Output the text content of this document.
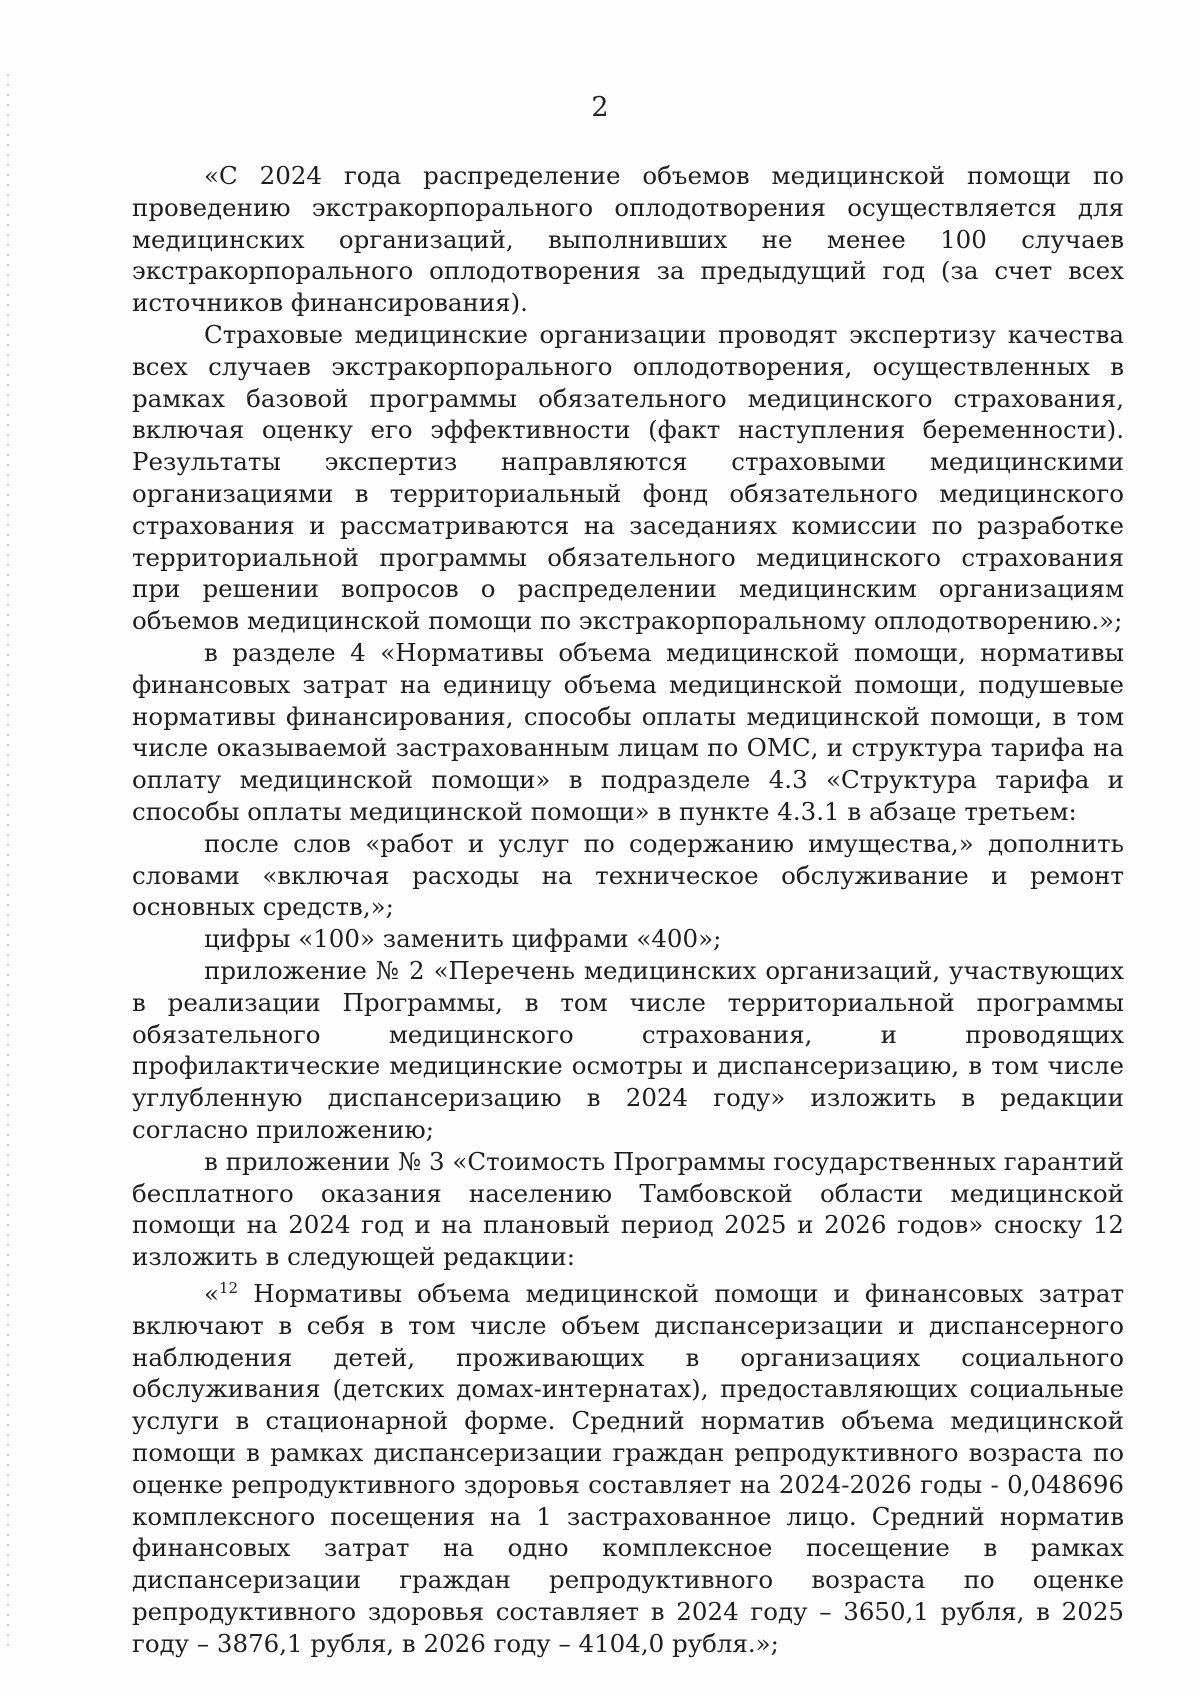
2

«С 2024 года распределение объемов медицинской помощи по проведению экстракорпорального оплодотворения осуществляется для медицинских организаций, выполнивших не менее 100 случаев экстракорпорального оплодотворения за предыдущий год (за счет всех источников финансирования).

Страховые медицинские организации проводят экспертизу качества всех случаев экстракорпорального оплодотворения, осуществленных в рамках базовой программы обязательного медицинского страхования, включая оценку его эффективности (факт наступления беременности). Результаты экспертиз направляются страховыми медицинскими организациями в территориальный фонд обязательного медицинского страхования и рассматриваются на заседаниях комиссии по разработке территориальной программы обязательного медицинского страхования при решении вопросов о распределении медицинским организациям объемов медицинской помощи по экстракорпоральному оплодотворению.»;

в разделе 4 «Нормативы объема медицинской помощи, нормативы финансовых затрат на единицу объема медицинской помощи, подушевые нормативы финансирования, способы оплаты медицинской помощи, в том числе оказываемой застрахованным лицам по ОМС, и структура тарифа на оплату медицинской помощи» в подразделе 4.3 «Структура тарифа и способы оплаты медицинской помощи» в пункте 4.3.1 в абзаце третьем:

после слов «работ и услуг по содержанию имущества,» дополнить словами «включая расходы на техническое обслуживание и ремонт основных средств,»;

цифры «100» заменить цифрами «400»;

приложение № 2 «Перечень медицинских организаций, участвующих в реализации Программы, в том числе территориальной программы обязательного медицинского страхования, и проводящих профилактические медицинские осмотры и диспансеризацию, в том числе углубленную диспансеризацию в 2024 году» изложить в редакции согласно приложению;

в приложении № 3 «Стоимость Программы государственных гарантий бесплатного оказания населению Тамбовской области медицинской помощи на 2024 год и на плановый период 2025 и 2026 годов» сноску 12 изложить в следующей редакции:

«$^{12}$ Нормативы объема медицинской помощи и финансовых затрат включают в себя в том числе объем диспансеризации и диспансерного наблюдения детей, проживающих в организациях социального обслуживания (детских домах-интернатах), предоставляющих социальные услуги в стационарной форме. Средний норматив объема медицинской помощи в рамках диспансеризации граждан репродуктивного возраста по оценке репродуктивного здоровья составляет на 2024-2026 годы - 0,048696 комплексного посещения на 1 застрахованное лицо. Средний норматив финансовых затрат на одно комплексное посещение в рамках диспансеризации граждан репродуктивного возраста по оценке репродуктивного здоровья составляет в 2024 году – 3650,1 рубля, в 2025 году – 3876,1 рубля, в 2026 году – 4104,0 рубля.»;
